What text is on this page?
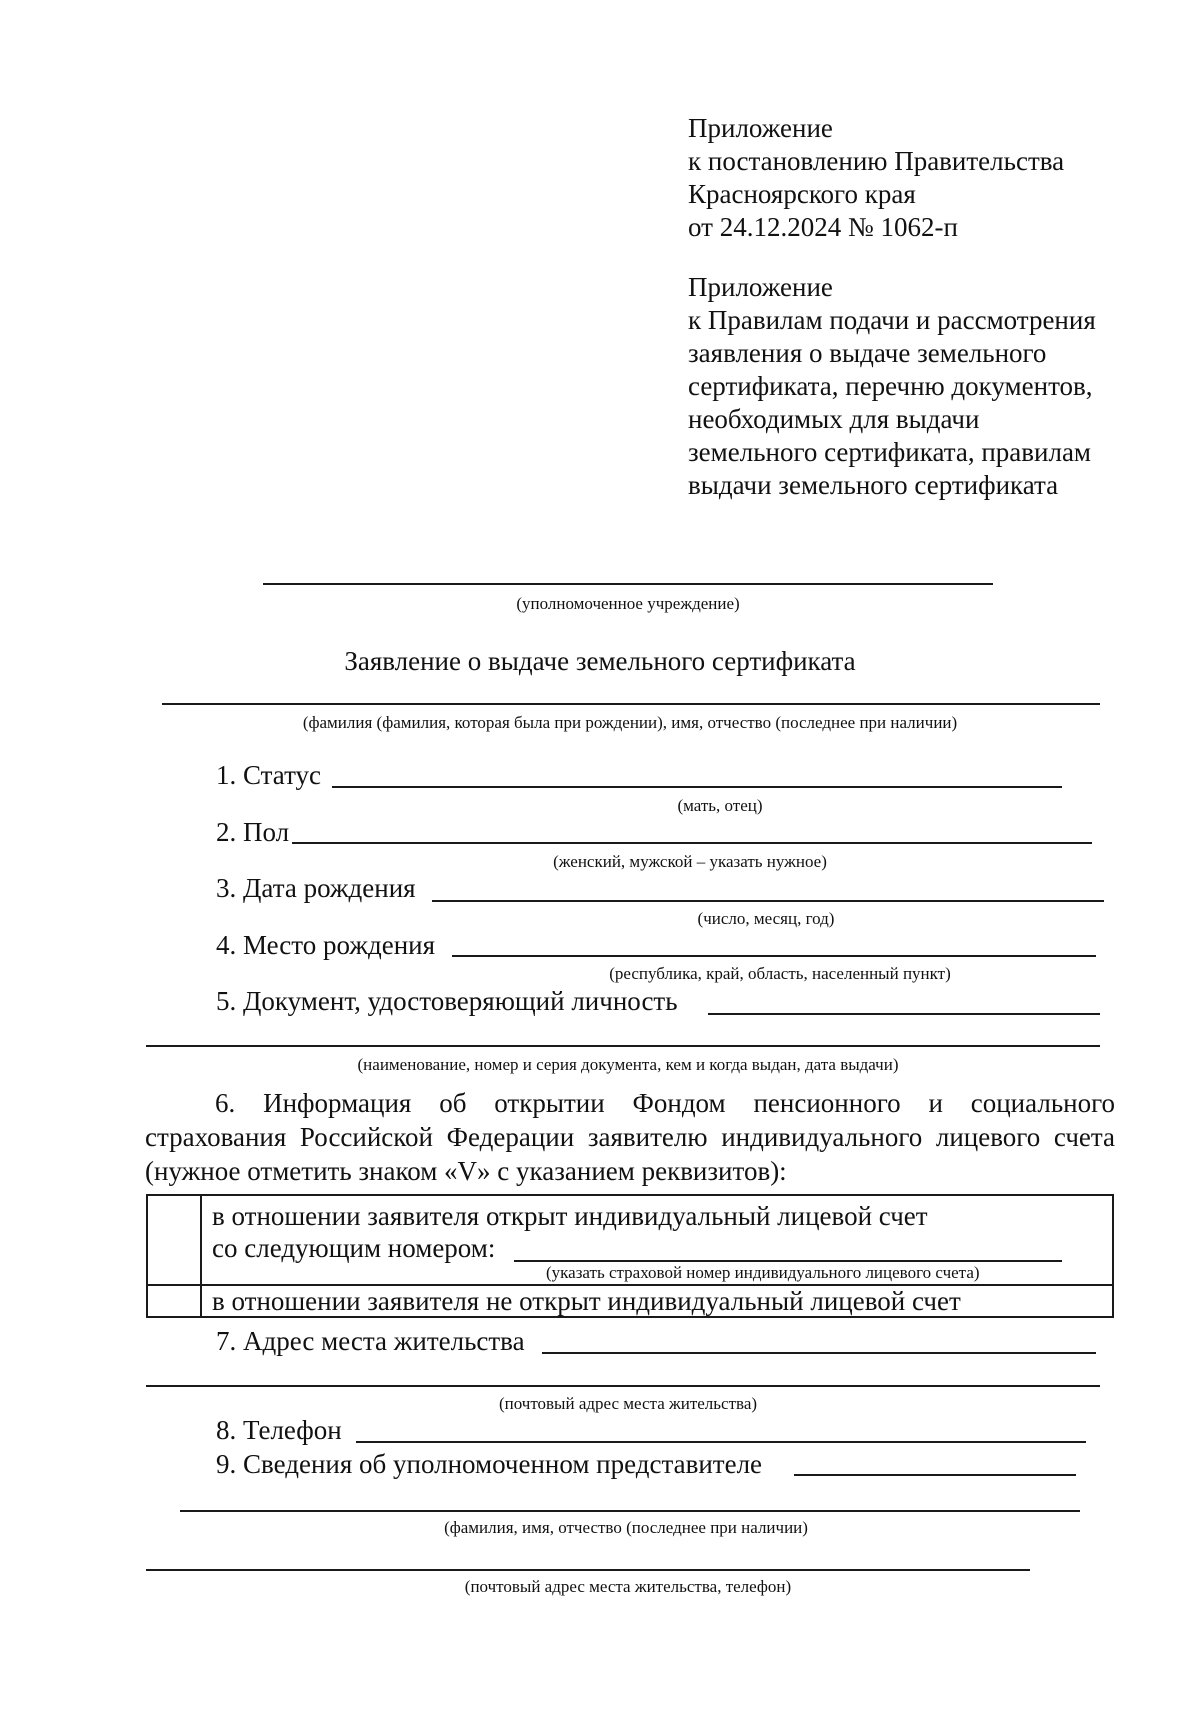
Приложение
к постановлению Правительства
Красноярского края
от 24.12.2024 № 1062-п
Приложение
к Правилам подачи и рассмотрения
заявления о выдаче земельного
сертификата, перечню документов,
необходимых для выдачи
земельного сертификата, правилам
выдачи земельного сертификата
(уполномоченное учреждение)
Заявление о выдаче земельного сертификата
(фамилия (фамилия, которая была при рождении), имя, отчество (последнее при наличии)
1. Статус
(мать, отец)
2. Пол
(женский, мужской – указать нужное)
3. Дата рождения
(число, месяц, год)
4. Место рождения
(республика, край, область, населенный пункт)
5. Документ, удостоверяющий личность
(наименование, номер и серия документа, кем и когда выдан, дата выдачи)
6. Информация об открытии Фондом пенсионного и социального страхования Российской Федерации заявителю индивидуального лицевого счета (нужное отметить знаком «V» с указанием реквизитов):

	в отношении заявителя открыт индивидуальный лицевой счет
со следующим номером:
(указать страховой номер индивидуального лицевого счета)

	в отношении заявителя не открыт индивидуальный лицевой счет
7. Адрес места жительства
(почтовый адрес места жительства)
8. Телефон
9. Сведения об уполномоченном представителе
(фамилия, имя, отчество (последнее при наличии)
(почтовый адрес места жительства, телефон)
